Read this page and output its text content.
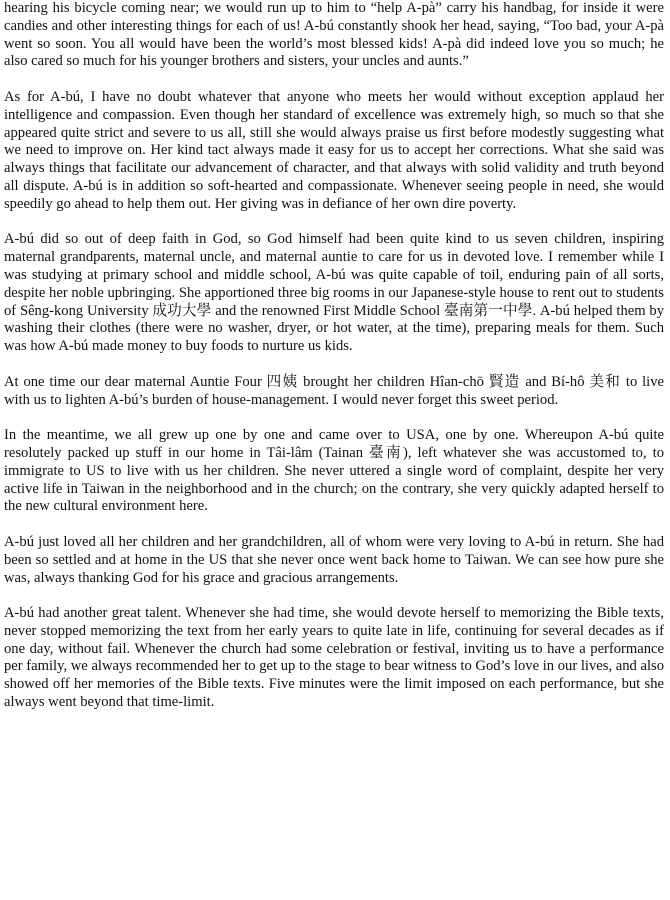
hearing his bicycle coming near; we would run up to him to “help A-pà” carry his handbag, for inside it were candies and other interesting things for each of us! A-bú constantly shook her head, saying, “Too bad, your A-pà went so soon. You all would have been the world’s most blessed kids! A-pà did indeed love you so much; he also cared so much for his younger brothers and sisters, your uncles and aunts.”

As for A-bú, I have no doubt whatever that anyone who meets her would without exception applaud her intelligence and compassion. Even though her standard of excellence was extremely high, so much so that she appeared quite strict and severe to us all, still she would always praise us first before modestly suggesting what we need to improve on. Her kind tact always made it easy for us to accept her corrections. What she said was always things that facilitate our advancement of character, and that always with solid validity and truth beyond all dispute. A-bú is in addition so soft-hearted and compassionate. Whenever seeing people in need, she would speedily go ahead to help them out. Her giving was in defiance of her own dire poverty.

A-bú did so out of deep faith in God, so God himself had been quite kind to us seven children, inspiring maternal grandparents, maternal uncle, and maternal auntie to care for us in devoted love. I remember while I was studying at primary school and middle school, A-bú was quite capable of toil, enduring pain of all sorts, despite her noble upbringing. She apportioned three big rooms in our Japanese-style house to rent out to students of Sêng-kong University 成功大學 and the renowned First Middle School 臺南第一中學. A-bú helped them by washing their clothes (there were no washer, dryer, or hot water, at the time), preparing meals for them. Such was how A-bú made money to buy foods to nurture us kids.

At one time our dear maternal Auntie Four 四姨 brought her children Hîan-chō 賢造 and Bí-hô 美和 to live with us to lighten A-bú’s burden of house-management. I would never forget this sweet period.

In the meantime, we all grew up one by one and came over to USA, one by one. Whereupon A-bú quite resolutely packed up stuff in our home in Tâi-lâm (Tainan 臺南), left whatever she was accustomed to, to immigrate to US to live with us her children. She never uttered a single word of complaint, despite her very active life in Taiwan in the neighborhood and in the church; on the contrary, she very quickly adapted herself to the new cultural environment here.

A-bú just loved all her children and her grandchildren, all of whom were very loving to A-bú in return. She had been so settled and at home in the US that she never once went back home to Taiwan. We can see how pure she was, always thanking God for his grace and gracious arrangements.

A-bú had another great talent. Whenever she had time, she would devote herself to memorizing the Bible texts, never stopped memorizing the text from her early years to quite late in life, continuing for several decades as if one day, without fail. Whenever the church had some celebration or festival, inviting us to have a performance per family, we always recommended her to get up to the stage to bear witness to God’s love in our lives, and also showed off her memories of the Bible texts. Five minutes were the limit imposed on each performance, but she always went beyond that time-limit.
